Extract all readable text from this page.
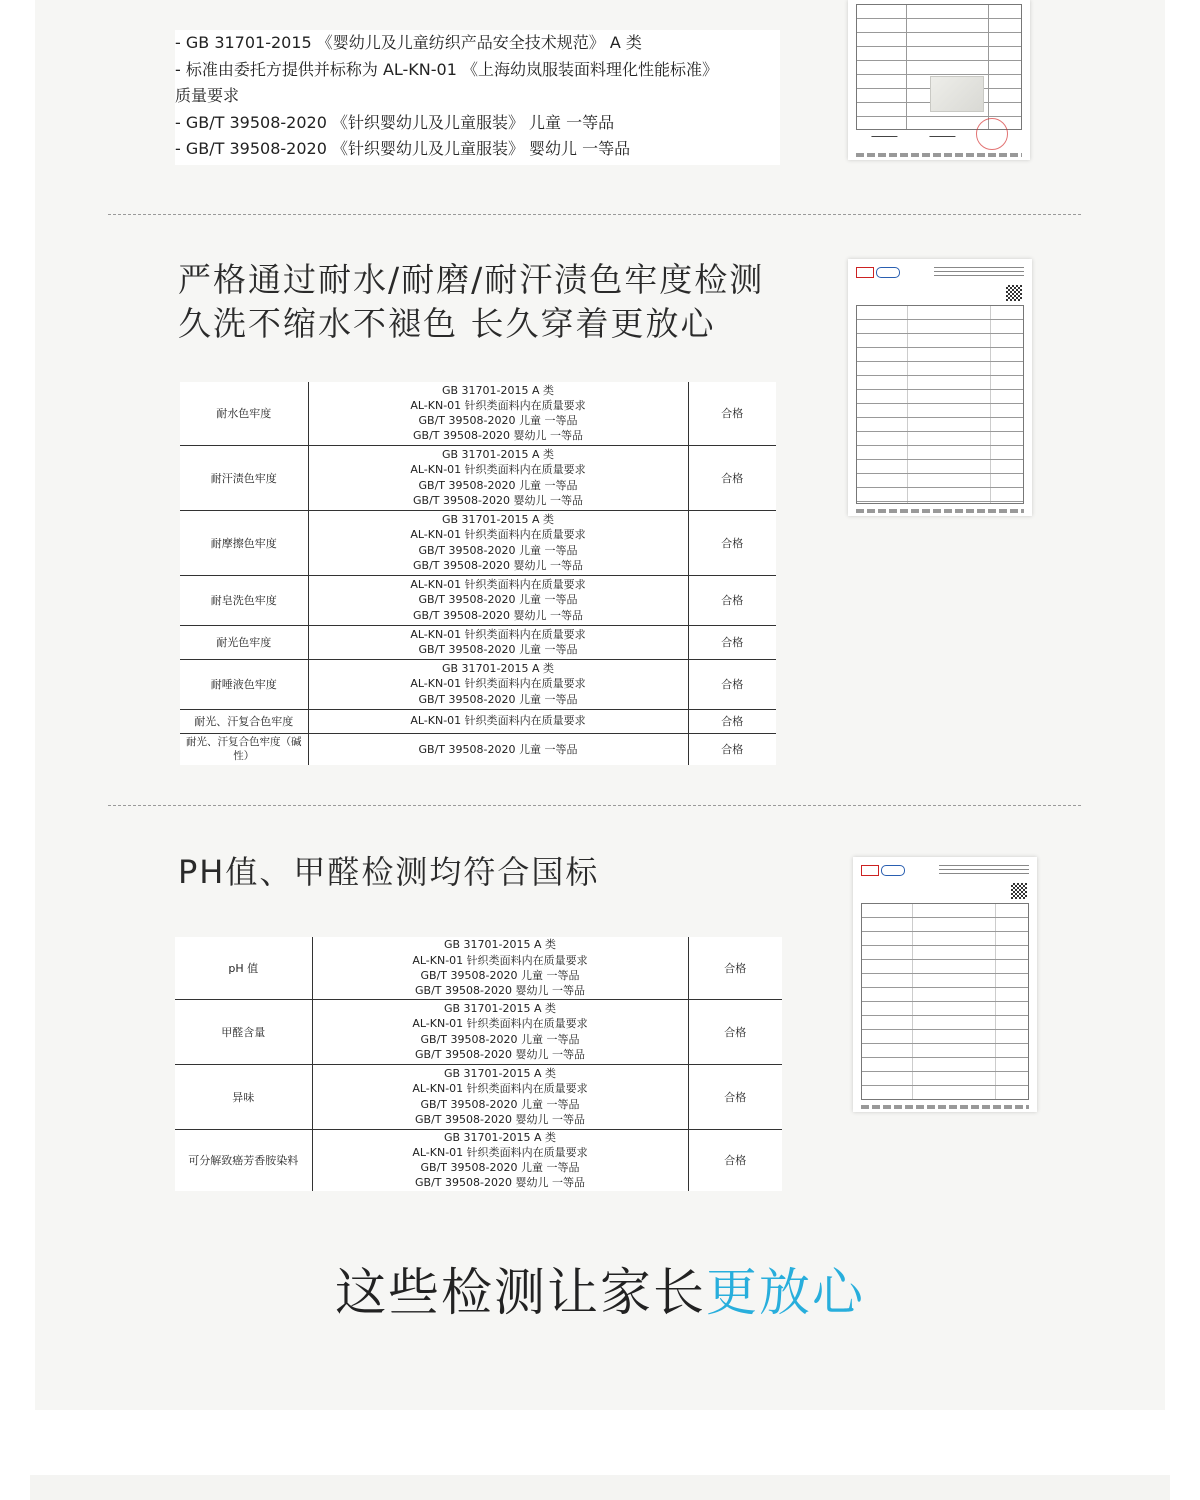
- GB 31701-2015 《婴幼儿及儿童纺织产品安全技术规范》 A 类
- 标准由委托方提供并标称为 AL-KN-01 《上海幼岚服装面料理化性能标准》
质量要求
- GB/T 39508-2020 《针织婴幼儿及儿童服装》 儿童 一等品
- GB/T 39508-2020 《针织婴幼儿及儿童服装》 婴幼儿 一等品
严格通过耐水/耐磨/耐汗渍色牢度检测
久洗不缩水不褪色 长久穿着更放心
耐水色牢度	GB 31701-2015 A 类
AL-KN-01 针织类面料内在质量要求
GB/T 39508-2020 儿童 一等品
GB/T 39508-2020 婴幼儿 一等品	合格
耐汗渍色牢度	GB 31701-2015 A 类
AL-KN-01 针织类面料内在质量要求
GB/T 39508-2020 儿童 一等品
GB/T 39508-2020 婴幼儿 一等品	合格
耐摩擦色牢度	GB 31701-2015 A 类
AL-KN-01 针织类面料内在质量要求
GB/T 39508-2020 儿童 一等品
GB/T 39508-2020 婴幼儿 一等品	合格
耐皂洗色牢度	AL-KN-01 针织类面料内在质量要求
GB/T 39508-2020 儿童 一等品
GB/T 39508-2020 婴幼儿 一等品	合格
耐光色牢度	AL-KN-01 针织类面料内在质量要求
GB/T 39508-2020 儿童 一等品	合格
耐唾液色牢度	GB 31701-2015 A 类
AL-KN-01 针织类面料内在质量要求
GB/T 39508-2020 儿童 一等品	合格
耐光、汗复合色牢度	AL-KN-01 针织类面料内在质量要求	合格
耐光、汗复合色牢度（碱性）	GB/T 39508-2020 儿童 一等品	合格
PH值、甲醛检测均符合国标
pH 值	GB 31701-2015 A 类
AL-KN-01 针织类面料内在质量要求
GB/T 39508-2020 儿童 一等品
GB/T 39508-2020 婴幼儿 一等品	合格
甲醛含量	GB 31701-2015 A 类
AL-KN-01 针织类面料内在质量要求
GB/T 39508-2020 儿童 一等品
GB/T 39508-2020 婴幼儿 一等品	合格
异味	GB 31701-2015 A 类
AL-KN-01 针织类面料内在质量要求
GB/T 39508-2020 儿童 一等品
GB/T 39508-2020 婴幼儿 一等品	合格
可分解致癌芳香胺染料	GB 31701-2015 A 类
AL-KN-01 针织类面料内在质量要求
GB/T 39508-2020 儿童 一等品
GB/T 39508-2020 婴幼儿 一等品	合格
这些检测让家长更放心
